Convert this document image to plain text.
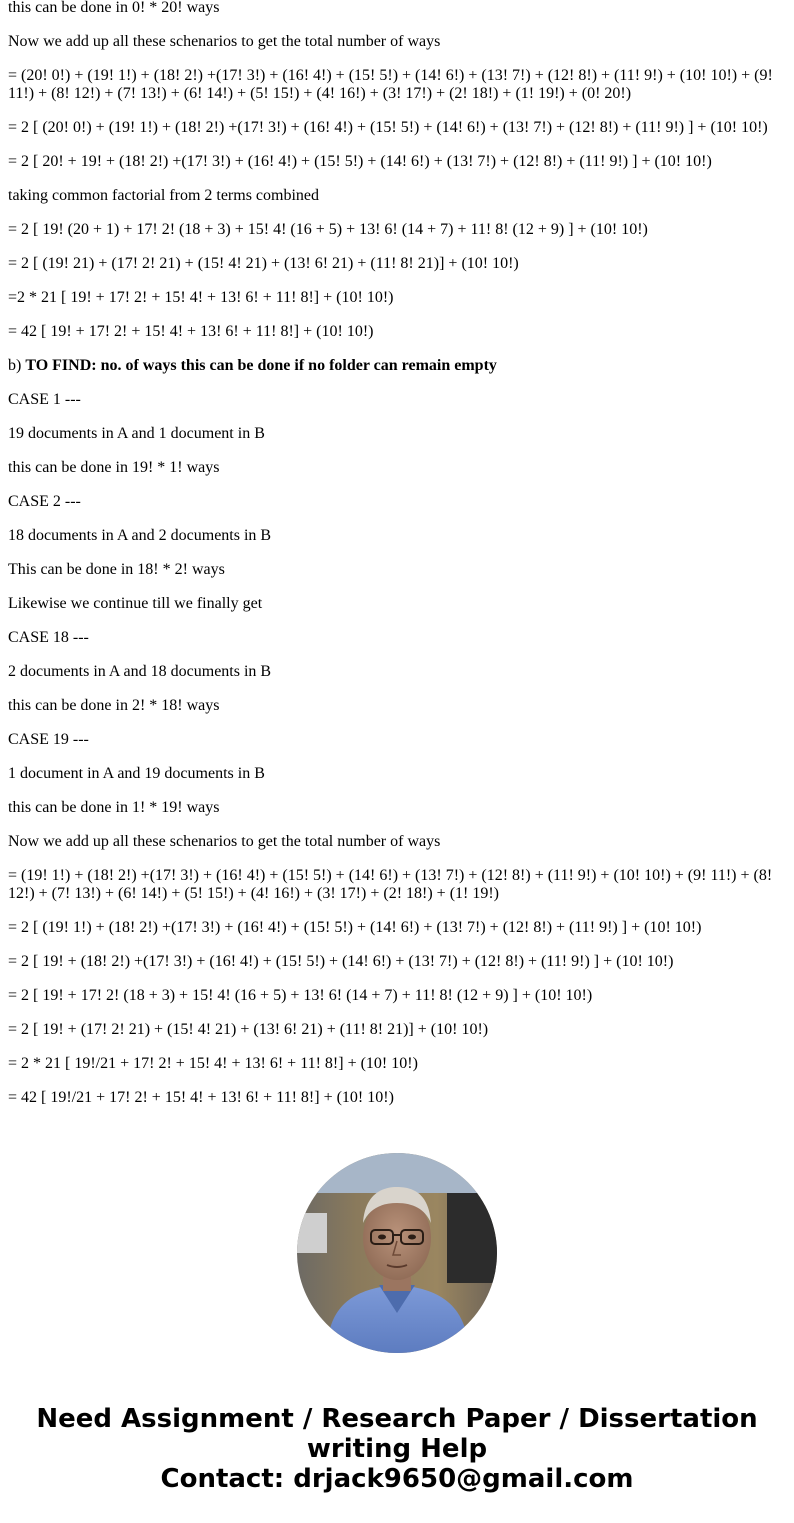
this can be done in 0! * 20! ways

Now we add up all these schenarios to get the total number of ways

= (20! 0!) + (19! 1!) + (18! 2!) +(17! 3!) + (16! 4!) + (15! 5!) + (14! 6!) + (13! 7!) + (12! 8!) + (11! 9!) + (10! 10!) + (9! 11!) + (8! 12!) + (7! 13!) + (6! 14!) + (5! 15!) + (4! 16!) + (3! 17!) + (2! 18!) + (1! 19!) + (0! 20!)

= 2 [ (20! 0!) + (19! 1!) + (18! 2!) +(17! 3!) + (16! 4!) + (15! 5!) + (14! 6!) + (13! 7!) + (12! 8!) + (11! 9!) ] + (10! 10!)

= 2 [ 20! + 19! + (18! 2!) +(17! 3!) + (16! 4!) + (15! 5!) + (14! 6!) + (13! 7!) + (12! 8!) + (11! 9!) ] + (10! 10!)

taking common factorial from 2 terms combined

= 2 [ 19! (20 + 1) + 17! 2! (18 + 3) + 15! 4! (16 + 5) + 13! 6! (14 + 7) + 11! 8! (12 + 9) ] + (10! 10!)

= 2 [ (19! 21) + (17! 2! 21) + (15! 4! 21) + (13! 6! 21) + (11! 8! 21)] + (10! 10!)

=2 * 21 [ 19! + 17! 2! + 15! 4! + 13! 6! + 11! 8!] + (10! 10!)

= 42 [ 19! + 17! 2! + 15! 4! + 13! 6! + 11! 8!] + (10! 10!)

b) TO FIND: no. of ways this can be done if no folder can remain empty

CASE 1 ---

19 documents in A and 1 document in B

this can be done in 19! * 1! ways

CASE 2 ---

18 documents in A and 2 documents in B

This can be done in 18! * 2! ways

Likewise we continue till we finally get

CASE 18 ---

2 documents in A and 18 documents in B

this can be done in 2! * 18! ways

CASE 19 ---

1 document in A and 19 documents in B

this can be done in 1! * 19! ways

Now we add up all these schenarios to get the total number of ways

= (19! 1!) + (18! 2!) +(17! 3!) + (16! 4!) + (15! 5!) + (14! 6!) + (13! 7!) + (12! 8!) + (11! 9!) + (10! 10!) + (9! 11!) + (8! 12!) + (7! 13!) + (6! 14!) + (5! 15!) + (4! 16!) + (3! 17!) + (2! 18!) + (1! 19!)

= 2 [ (19! 1!) + (18! 2!) +(17! 3!) + (16! 4!) + (15! 5!) + (14! 6!) + (13! 7!) + (12! 8!) + (11! 9!) ] + (10! 10!)

= 2 [ 19! + (18! 2!) +(17! 3!) + (16! 4!) + (15! 5!) + (14! 6!) + (13! 7!) + (12! 8!) + (11! 9!) ] + (10! 10!)

= 2 [ 19! + 17! 2! (18 + 3) + 15! 4! (16 + 5) + 13! 6! (14 + 7) + 11! 8! (12 + 9) ] + (10! 10!)

= 2 [ 19! + (17! 2! 21) + (15! 4! 21) + (13! 6! 21) + (11! 8! 21)] + (10! 10!)

= 2 * 21 [ 19!/21 + 17! 2! + 15! 4! + 13! 6! + 11! 8!] + (10! 10!)

= 42 [ 19!/21 + 17! 2! + 15! 4! + 13! 6! + 11! 8!] + (10! 10!)

Need Assignment / Research Paper / Dissertation
writing Help
Contact: drjack9650@gmail.com
